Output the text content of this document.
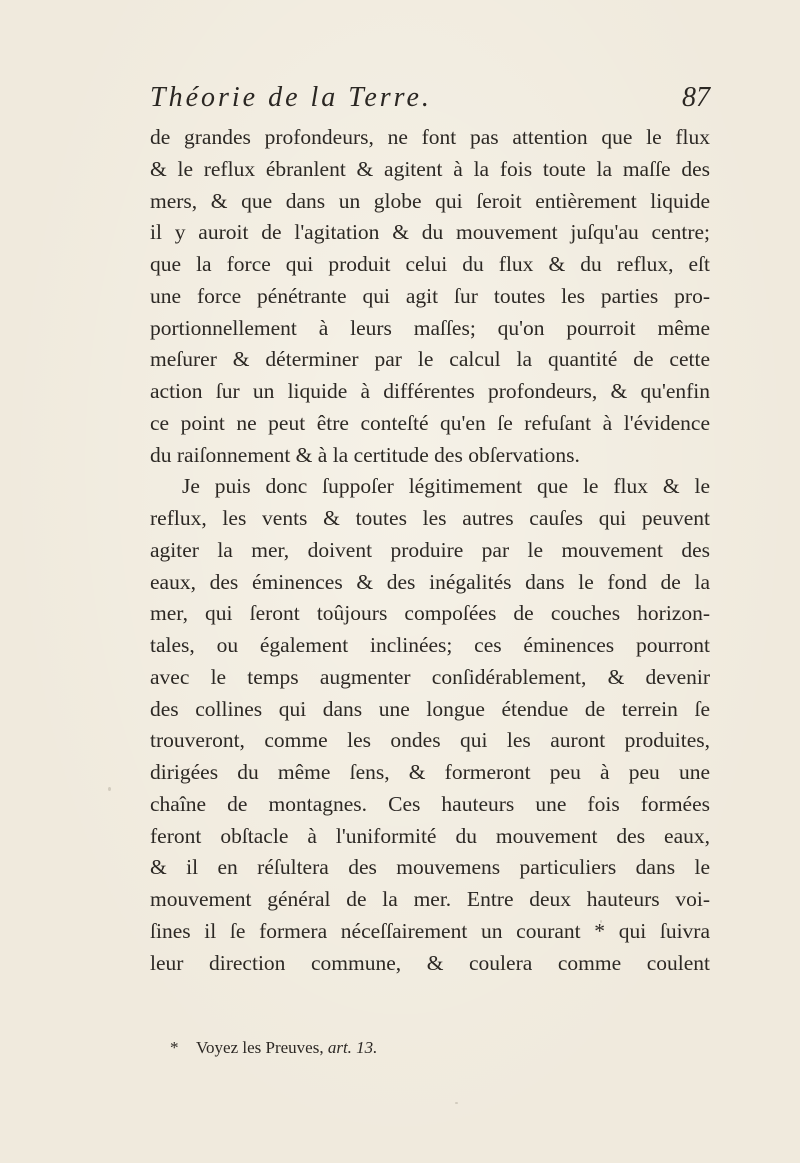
Théorie de la Terre.	87
de grandes profondeurs, ne font pas attention que le flux
& le reflux ébranlent & agitent à la fois toute la maſſe des
mers, & que dans un globe qui ſeroit entièrement liquide
il y auroit de l'agitation & du mouvement juſqu'au centre;
que la force qui produit celui du flux & du reflux, eſt
une force pénétrante qui agit ſur toutes les parties pro-
portionnellement à leurs maſſes; qu'on pourroit même
meſurer & déterminer par le calcul la quantité de cette
action ſur un liquide à différentes profondeurs, & qu'enfin
ce point ne peut être conteſté qu'en ſe refuſant à l'évidence
du raiſonnement & à la certitude des obſervations.
Je puis donc ſuppoſer légitimement que le flux & le
reflux, les vents & toutes les autres cauſes qui peuvent
agiter la mer, doivent produire par le mouvement des
eaux, des éminences & des inégalités dans le fond de la
mer, qui ſeront toûjours compoſées de couches horizon-
tales, ou également inclinées; ces éminences pourront
avec le temps augmenter conſidérablement, & devenir
des collines qui dans une longue étendue de terrein ſe
trouveront, comme les ondes qui les auront produites,
dirigées du même ſens, & formeront peu à peu une
chaîne de montagnes. Ces hauteurs une fois formées
feront obſtacle à l'uniformité du mouvement des eaux,
& il en réſultera des mouvemens particuliers dans le
mouvement général de la mer. Entre deux hauteurs voi-
ſines il ſe formera néceſſairement un courant * qui ſuivra
leur direction commune, & coulera comme coulent
* Voyez les Preuves, art. 13.
